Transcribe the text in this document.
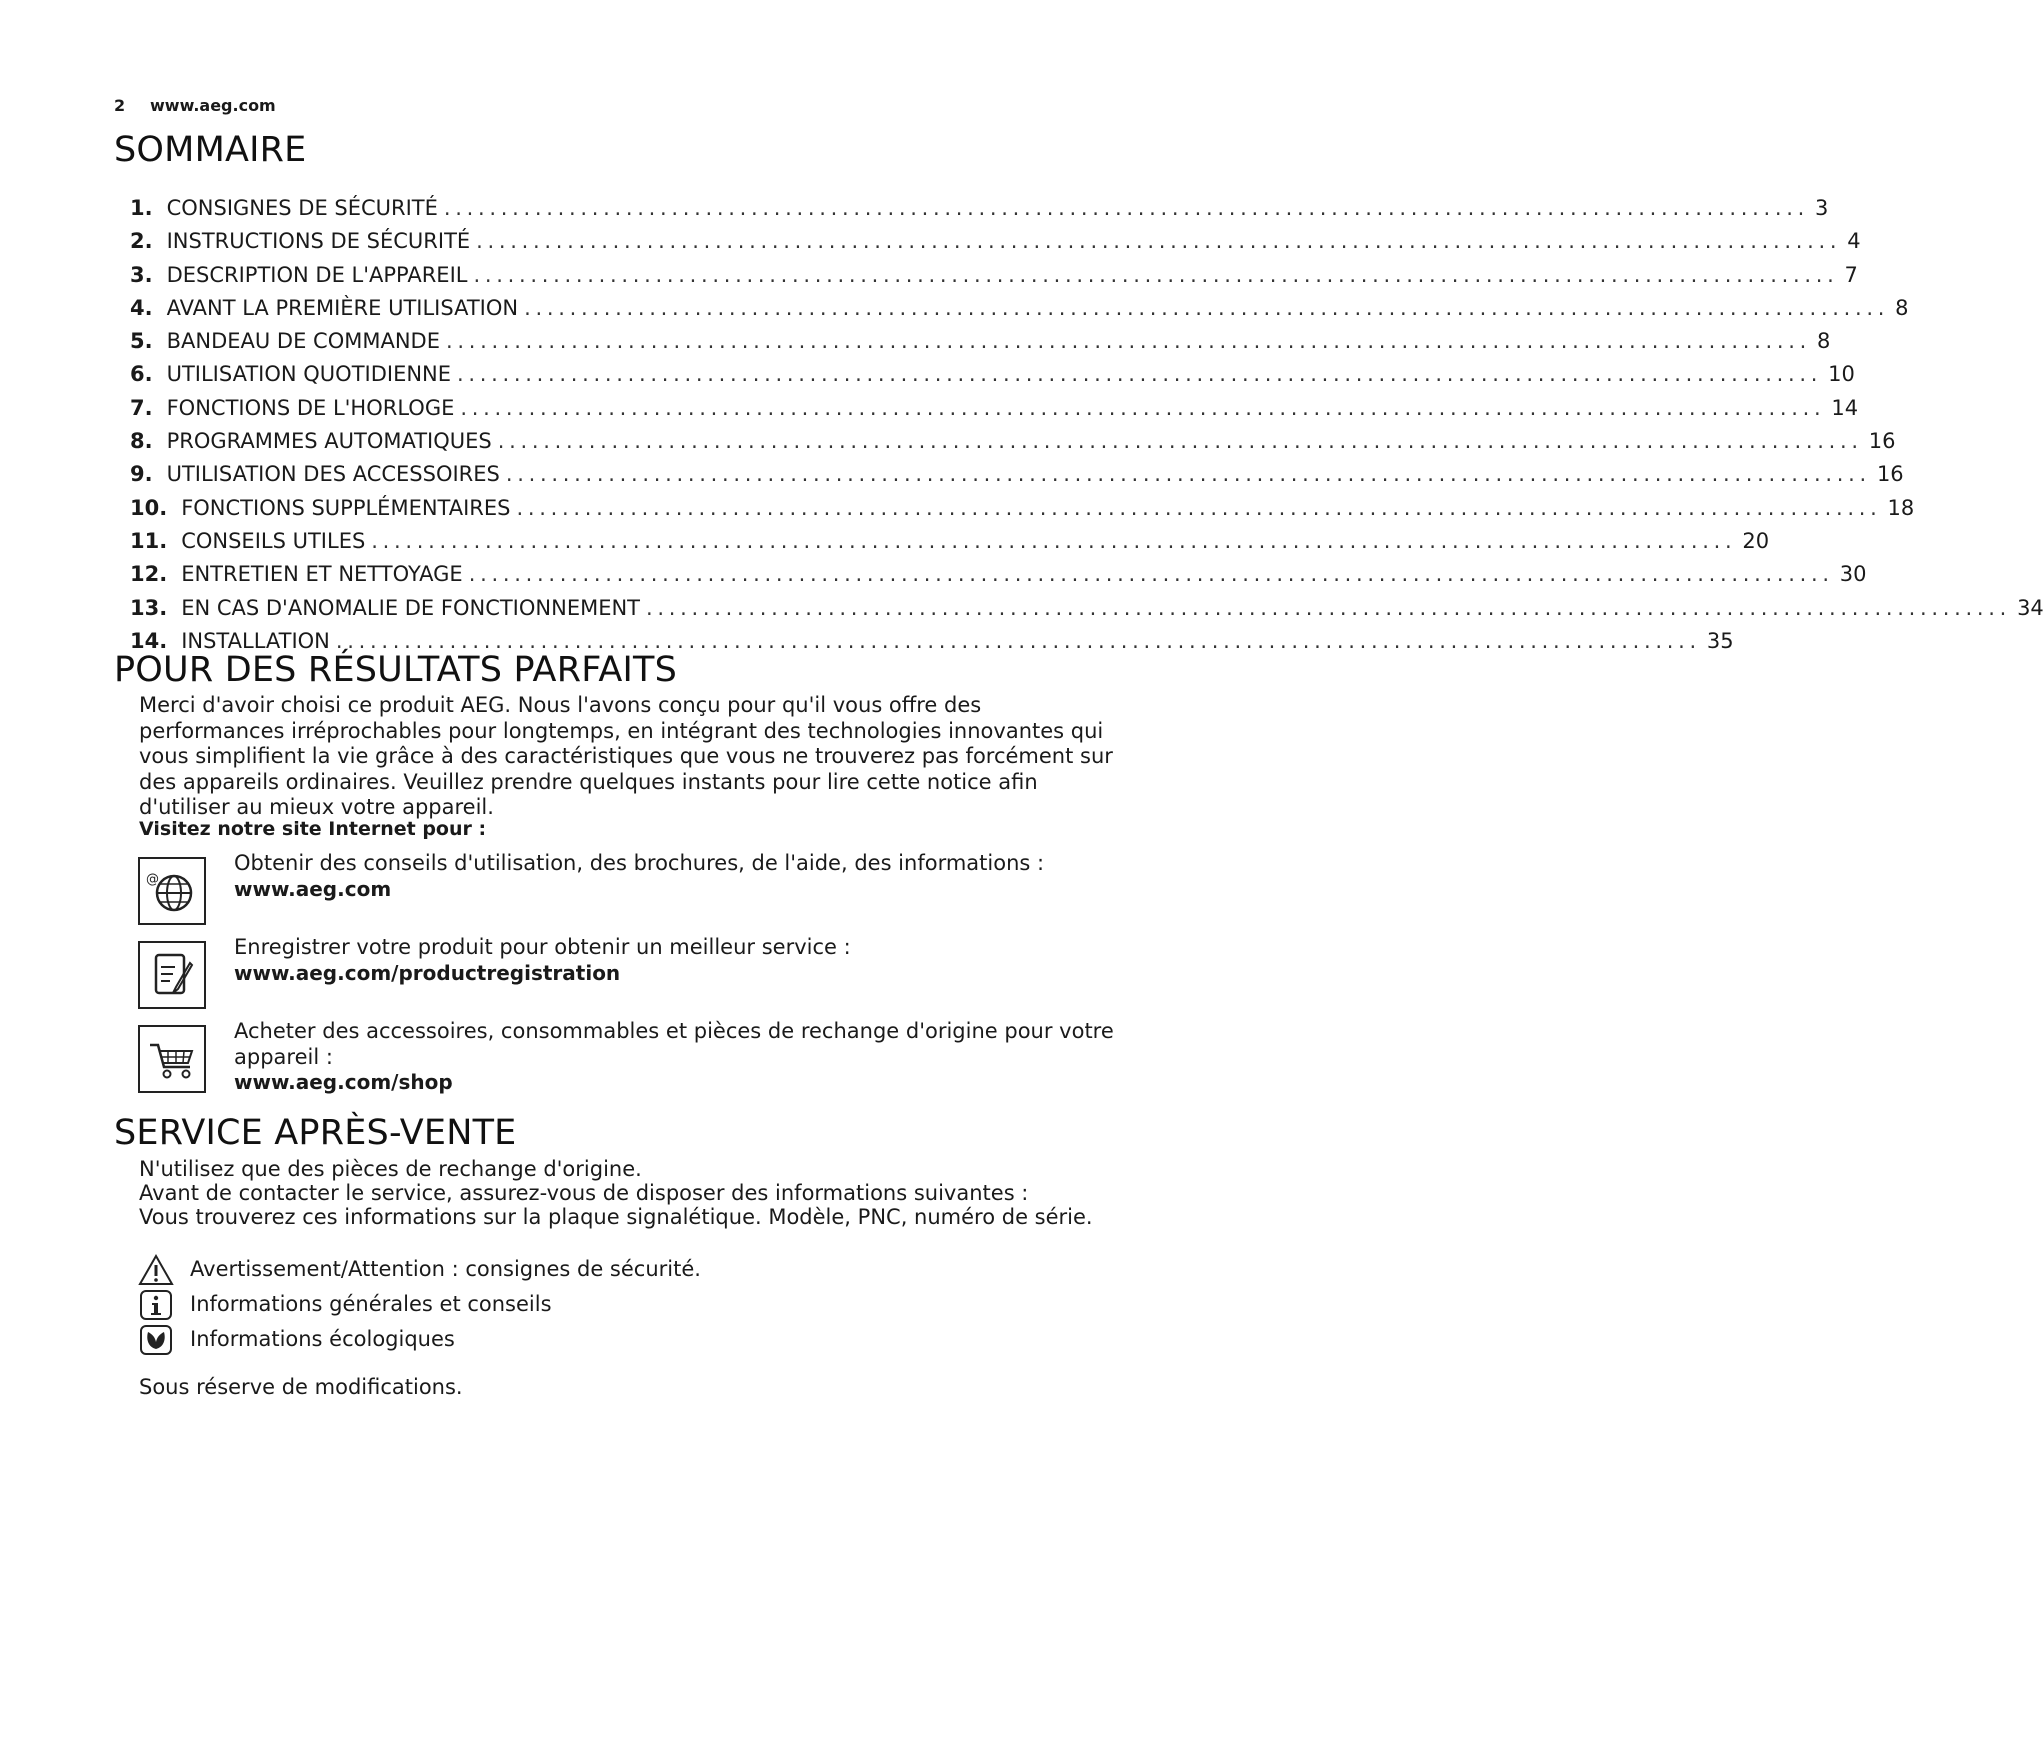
2 www.aeg.com
SOMMAIRE
1. CONSIGNES DE SÉCURITÉ ........................................................................................................................ 3
2. INSTRUCTIONS DE SÉCURITÉ ........................................................................................................................ 4
3. DESCRIPTION DE L'APPAREIL ........................................................................................................................ 7
4. AVANT LA PREMIÈRE UTILISATION ........................................................................................................................ 8
5. BANDEAU DE COMMANDE ........................................................................................................................ 8
6. UTILISATION QUOTIDIENNE ........................................................................................................................ 10
7. FONCTIONS DE L'HORLOGE ........................................................................................................................ 14
8. PROGRAMMES AUTOMATIQUES ........................................................................................................................ 16
9. UTILISATION DES ACCESSOIRES ........................................................................................................................ 16
10. FONCTIONS SUPPLÉMENTAIRES ........................................................................................................................ 18
11. CONSEILS UTILES ........................................................................................................................ 20
12. ENTRETIEN ET NETTOYAGE ........................................................................................................................ 30
13. EN CAS D'ANOMALIE DE FONCTIONNEMENT ........................................................................................................................ 34
14. INSTALLATION ........................................................................................................................ 35
POUR DES RÉSULTATS PARFAITS
Merci d'avoir choisi ce produit AEG. Nous l'avons conçu pour qu'il vous offre des performances irréprochables pour longtemps, en intégrant des technologies innovantes qui vous simplifient la vie grâce à des caractéristiques que vous ne trouverez pas forcément sur des appareils ordinaires. Veuillez prendre quelques instants pour lire cette notice afin d'utiliser au mieux votre appareil.
Visitez notre site Internet pour :
@
Obtenir des conseils d'utilisation, des brochures, de l'aide, des informations :
www.aeg.com
Enregistrer votre produit pour obtenir un meilleur service :
www.aeg.com/productregistration
Acheter des accessoires, consommables et pièces de rechange d'origine pour votre appareil :
www.aeg.com/shop
SERVICE APRÈS-VENTE
N'utilisez que des pièces de rechange d'origine.
Avant de contacter le service, assurez-vous de disposer des informations suivantes :
Vous trouverez ces informations sur la plaque signalétique. Modèle, PNC, numéro de série.
Avertissement/Attention : consignes de sécurité.
Informations générales et conseils
Informations écologiques
Sous réserve de modifications.
